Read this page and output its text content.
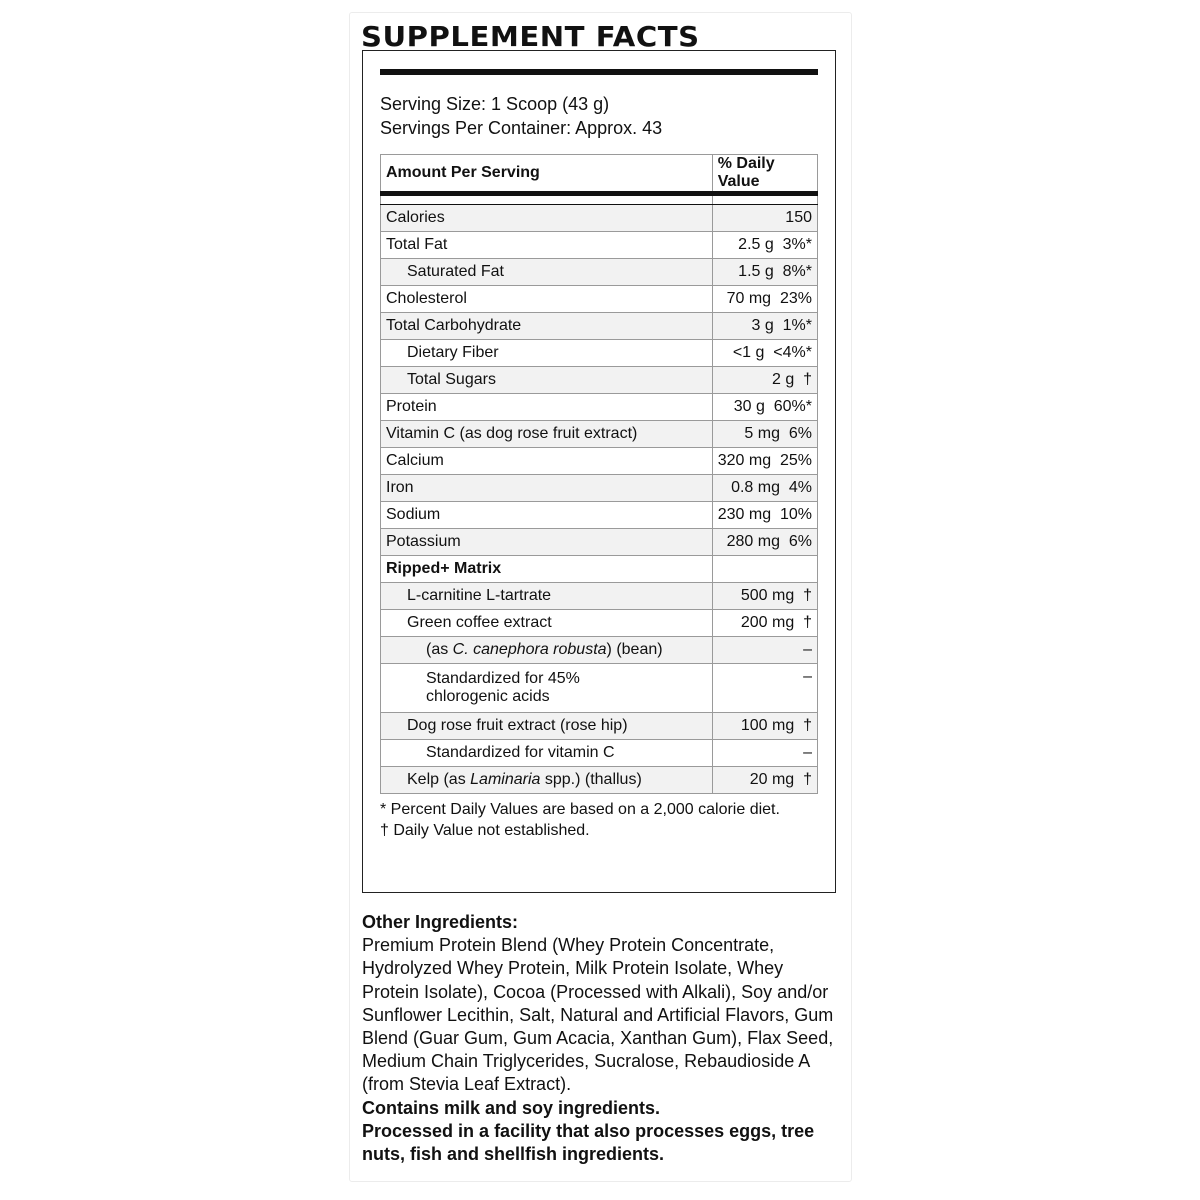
SUPPLEMENT FACTS
Serving Size: 1 Scoop (43 g)
Servings Per Container: Approx. 43
Amount Per Serving	% Daily Value

Calories	150
Total Fat	2.5 g  3%*
Saturated Fat	1.5 g  8%*
Cholesterol	70 mg  23%
Total Carbohydrate	3 g  1%*
Dietary Fiber	<1 g  <4%*
Total Sugars	2 g  †
Protein	30 g  60%*
Vitamin C (as dog rose fruit extract)	5 mg  6%
Calcium	320 mg  25%
Iron	0.8 mg  4%
Sodium	230 mg  10%
Potassium	280 mg  6%
Ripped+ Matrix	
L-carnitine L-tartrate	500 mg  †
Green coffee extract	200 mg  †
(as C. canephora robusta) (bean)	–

Standardized for 45% chlorogenic acids	–
Dog rose fruit extract (rose hip)	100 mg  †
Standardized for vitamin C	–
Kelp (as Laminaria spp.) (thallus)	20 mg  †
* Percent Daily Values are based on a 2,000 calorie diet.
† Daily Value not established.
Other Ingredients:
Premium Protein Blend (Whey Protein Concentrate, Hydrolyzed Whey Protein, Milk Protein Isolate, Whey Protein Isolate), Cocoa (Processed with Alkali), Soy and/or Sunflower Lecithin, Salt, Natural and Artificial Flavors, Gum Blend (Guar Gum, Gum Acacia, Xanthan Gum), Flax Seed, Medium Chain Triglycerides, Sucralose, Rebaudioside A (from Stevia Leaf Extract).
Contains milk and soy ingredients.
Processed in a facility that also processes eggs, tree nuts, fish and shellfish ingredients.
